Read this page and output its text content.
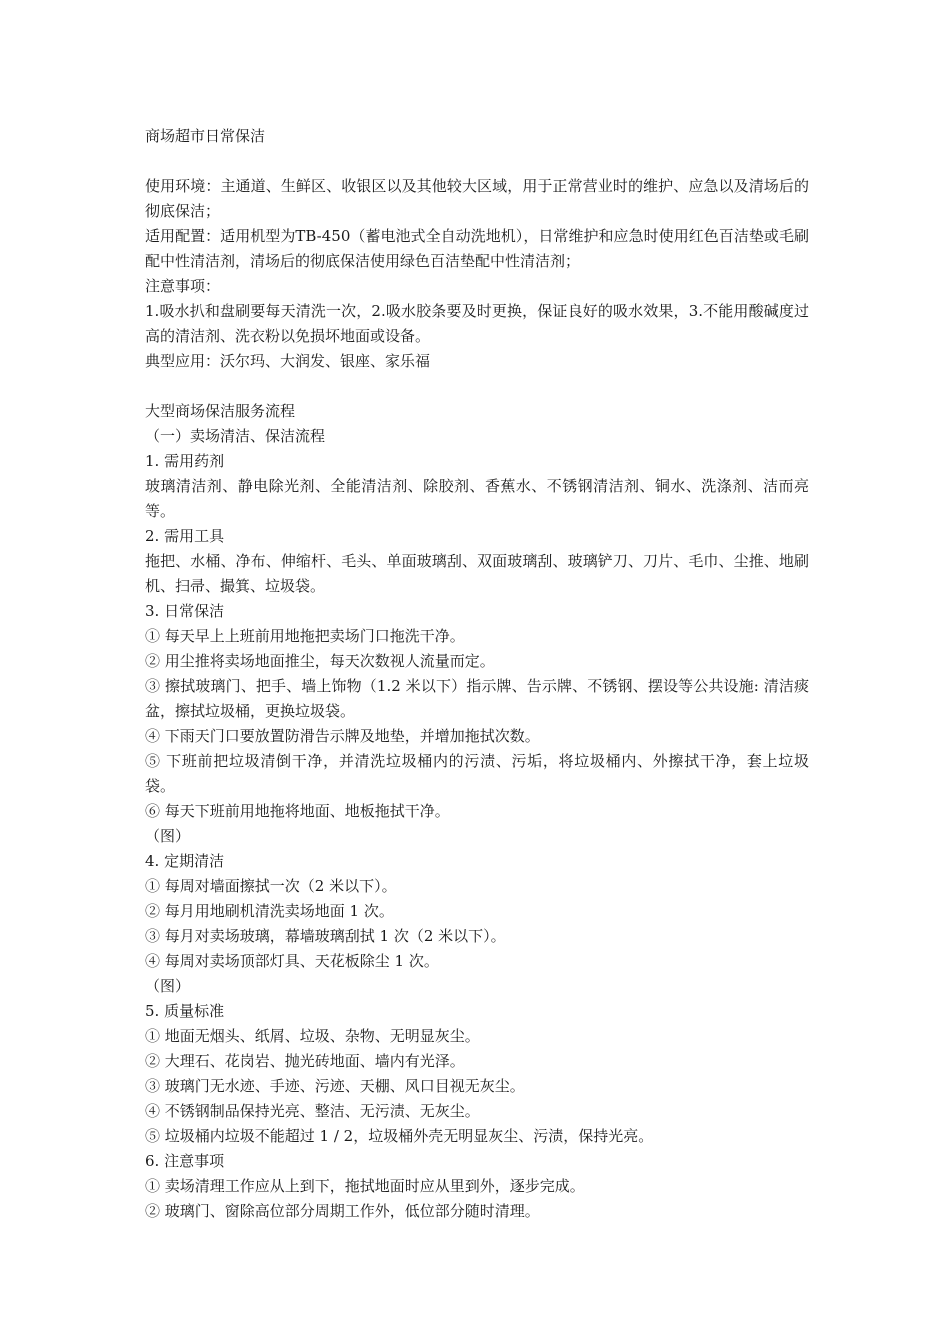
商场超市日常保洁

使用环境：主通道、生鲜区、收银区以及其他较大区域，用于正常营业时的维护、应急以及清场后的彻底保洁；

适用配置：适用机型为TB-450（蓄电池式全自动洗地机），日常维护和应急时使用红色百洁垫或毛刷配中性清洁剂，清场后的彻底保洁使用绿色百洁垫配中性清洁剂；

注意事项：

1.吸水扒和盘刷要每天清洗一次，2.吸水胶条要及时更换，保证良好的吸水效果，3.不能用酸碱度过高的清洁剂、洗衣粉以免损坏地面或设备。

典型应用：沃尔玛、大润发、银座、家乐福

大型商场保洁服务流程

（一）卖场清洁、保洁流程

1. 需用药剂

玻璃清洁剂、静电除光剂、全能清洁剂、除胶剂、香蕉水、不锈钢清洁剂、铜水、洗涤剂、洁而亮等。

2. 需用工具

拖把、水桶、净布、伸缩杆、毛头、单面玻璃刮、双面玻璃刮、玻璃铲刀、刀片、毛巾、尘推、地刷机、扫帚、撮箕、垃圾袋。

3. 日常保洁

① 每天早上上班前用地拖把卖场门口拖洗干净。

② 用尘推将卖场地面推尘，每天次数视人流量而定。

③ 擦拭玻璃门、把手、墙上饰物（1.2 米以下）指示牌、告示牌、不锈钢、摆设等公共设施: 清洁痰盆，擦拭垃圾桶，更换垃圾袋。

④ 下雨天门口要放置防滑告示牌及地垫，并增加拖拭次数。

⑤ 下班前把垃圾清倒干净，并清洗垃圾桶内的污渍、污垢，将垃圾桶内、外擦拭干净，套上垃圾袋。

⑥ 每天下班前用地拖将地面、地板拖拭干净。

（图）

4. 定期清洁

① 每周对墙面擦拭一次（2 米以下）。

② 每月用地刷机清洗卖场地面 1 次。

③ 每月对卖场玻璃，幕墙玻璃刮拭 1 次（2 米以下）。

④ 每周对卖场顶部灯具、天花板除尘 1 次。

（图）

5. 质量标准

① 地面无烟头、纸屑、垃圾、杂物、无明显灰尘。

② 大理石、花岗岩、抛光砖地面、墙内有光泽。

③ 玻璃门无水迹、手迹、污迹、天棚、风口目视无灰尘。

④ 不锈钢制品保持光亮、整洁、无污渍、无灰尘。

⑤ 垃圾桶内垃圾不能超过 1 / 2，垃圾桶外壳无明显灰尘、污渍，保持光亮。

6. 注意事项

① 卖场清理工作应从上到下，拖拭地面时应从里到外，逐步完成。

② 玻璃门、窗除高位部分周期工作外，低位部分随时清理。
